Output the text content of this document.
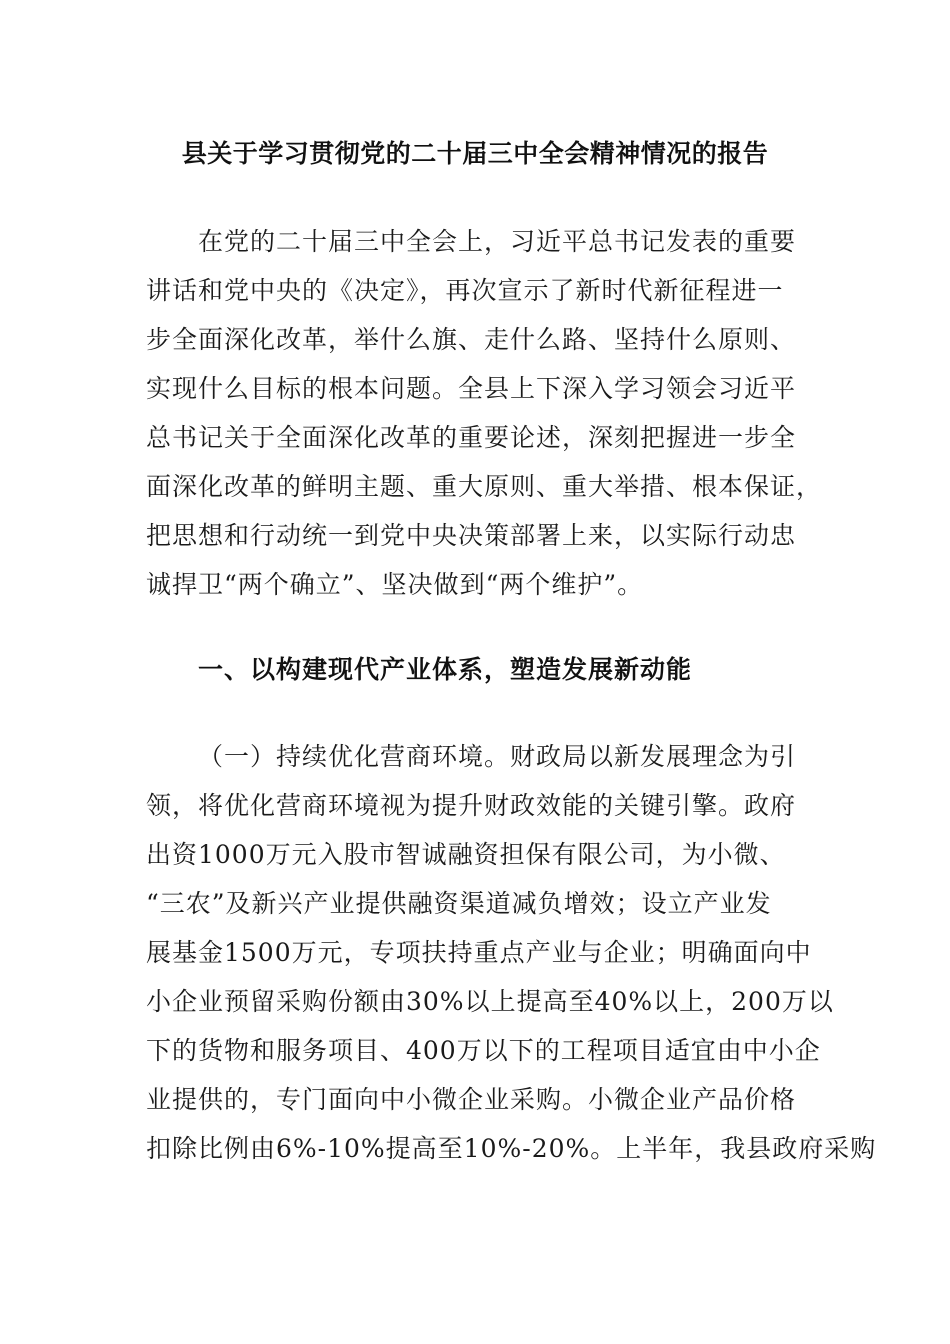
县关于学习贯彻党的二十届三中全会精神情况的报告
在党的二十届三中全会上，习近平总书记发表的重要
讲话和党中央的《决定》，再次宣示了新时代新征程进一
步全面深化改革，举什么旗、走什么路、坚持什么原则、
实现什么目标的根本问题。全县上下深入学习领会习近平
总书记关于全面深化改革的重要论述，深刻把握进一步全
面深化改革的鲜明主题、重大原则、重大举措、根本保证，
把思想和行动统一到党中央决策部署上来，以实际行动忠
诚捍卫“两个确立”、坚决做到“两个维护”。
一、以构建现代产业体系，塑造发展新动能
（一）持续优化营商环境。财政局以新发展理念为引
领，将优化营商环境视为提升财政效能的关键引擎。政府
出资1000万元入股市智诚融资担保有限公司，为小微、
“三农”及新兴产业提供融资渠道减负增效；设立产业发
展基金1500万元，专项扶持重点产业与企业；明确面向中
小企业预留采购份额由30%以上提高至40%以上，200万以
下的货物和服务项目、400万以下的工程项目适宜由中小企
业提供的，专门面向中小微企业采购。小微企业产品价格
扣除比例由6%-10%提高至10%-20%。上半年，我县政府采购
